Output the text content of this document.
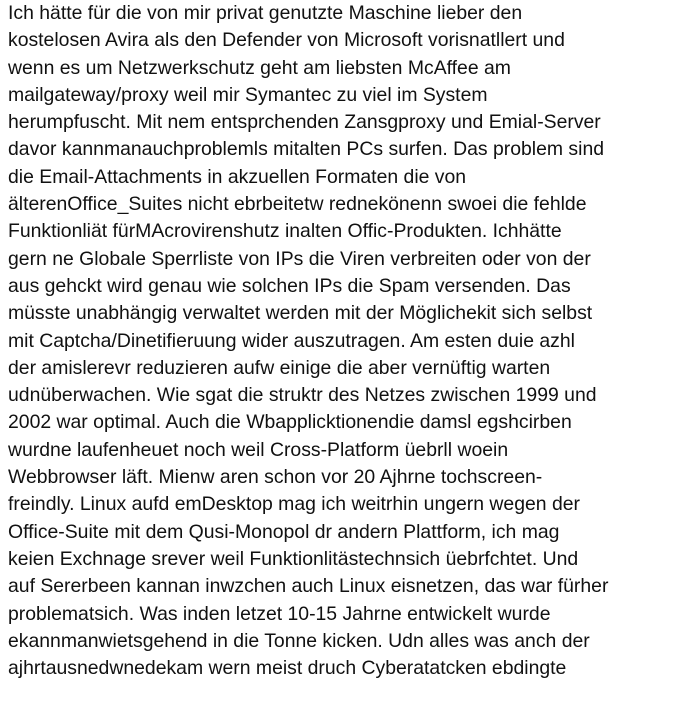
Ich hätte für die von mir privat genutzte Maschine lieber den
kostelosen Avira als den Defender von Microsoft vorisnatllert und
wenn es um Netzwerkschutz geht am liebsten McAffee am
mailgateway/proxy weil mir Symantec zu viel im System
herumpfuscht. Mit nem entsprchenden Zansgproxy und Emial-Server
davor kannmanauchproblemls mitalten PCs surfen. Das problem sind
die Email-Attachments in akzuellen Formaten die von
älterenOffice_Suites nicht ebrbeitetw rednekönenn swoei die fehlde
Funktionliät fürMAcrovirenshutz inalten Offic-Produkten. Ichhätte
gern ne Globale Sperrliste von IPs die Viren verbreiten oder von der
aus gehckt wird genau wie solchen IPs die Spam versenden. Das
müsste unabhängig verwaltet werden mit der Möglichekit sich selbst
mit Captcha/Dinetifieruung wider auszutragen. Am esten duie azhl
der amislerevr reduzieren aufw einige die aber vernüftig warten
udnüberwachen. Wie sgat die struktr des Netzes zwischen 1999 und
2002 war optimal. Auch die Wbapplicktionendie damsl egshcirben
wurdne laufenheuet noch weil Cross-Platform üebrll woein
Webbrowser läft. Mienw aren schon vor 20 Ajhrne tochscreen-
freindly. Linux aufd emDesktop mag ich weitrhin ungern wegen der
Office-Suite mit dem Qusi-Monopol dr andern Plattform, ich mag
keien Exchnage srever weil Funktionlitästechnsich üebrfchtet. Und
auf Sererbeen kannan inwzchen auch Linux eisnetzen, das war fürher
problematsich. Was inden letzet 10-15 Jahrne entwickelt wurde
ekannmanwietsgehend in die Tonne kicken. Udn alles was anch der
ajhrtausnedwnedekam wern meist druch Cyberatatcken ebdingte
